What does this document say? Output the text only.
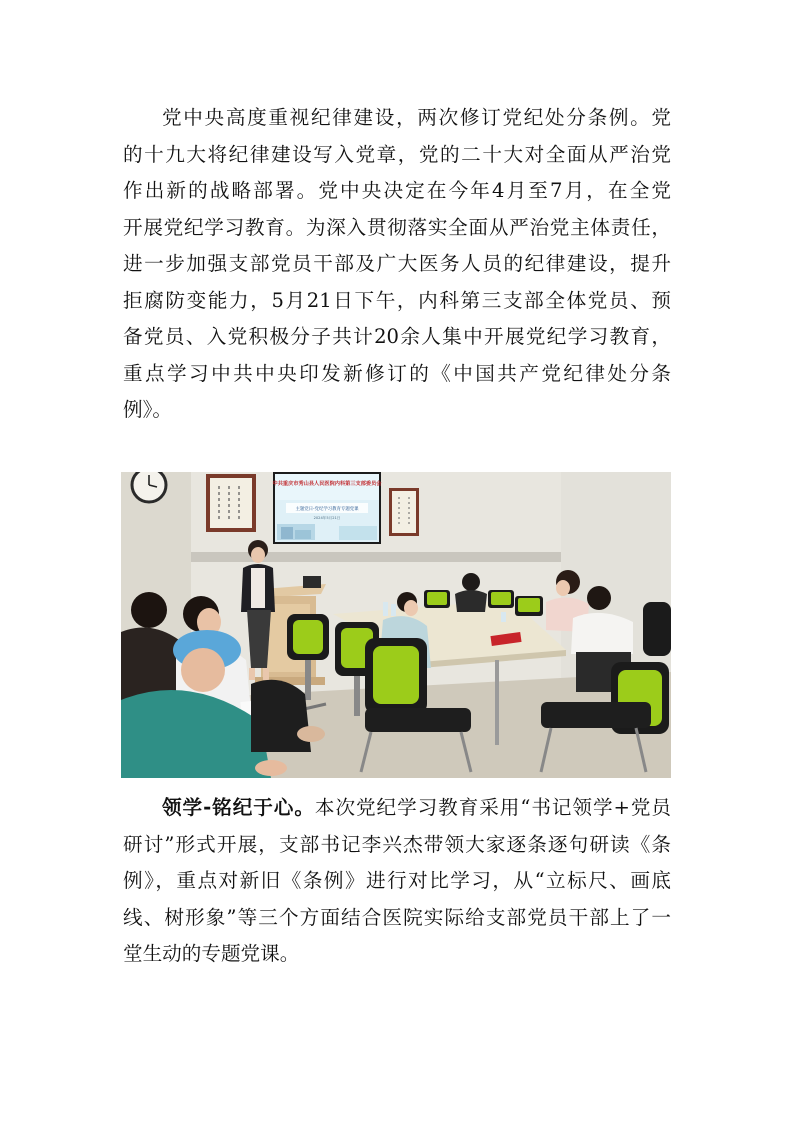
党中央高度重视纪律建设，两次修订党纪处分条例。党
的十九大将纪律建设写入党章，党的二十大对全面从严治党
作出新的战略部署。党中央决定在今年4月至7月，在全党
开展党纪学习教育。为深入贯彻落实全面从严治党主体责任，
进一步加强支部党员干部及广大医务人员的纪律建设，提升
拒腐防变能力，5月21日下午，内科第三支部全体党员、预
备党员、入党积极分子共计20余人集中开展党纪学习教育，
重点学习中共中央印发新修订的《中国共产党纪律处分条
例》。

中共重庆市秀山县人民医院内科第三支部委员会
主题党日-党纪学习教育专题党课
2024年5月21日

领学-铭纪于心。本次党纪学习教育采用“书记领学+党员
研讨”形式开展，支部书记李兴杰带领大家逐条逐句研读《条
例》，重点对新旧《条例》进行对比学习，从“立标尺、画底
线、树形象”等三个方面结合医院实际给支部党员干部上了一
堂生动的专题党课。
